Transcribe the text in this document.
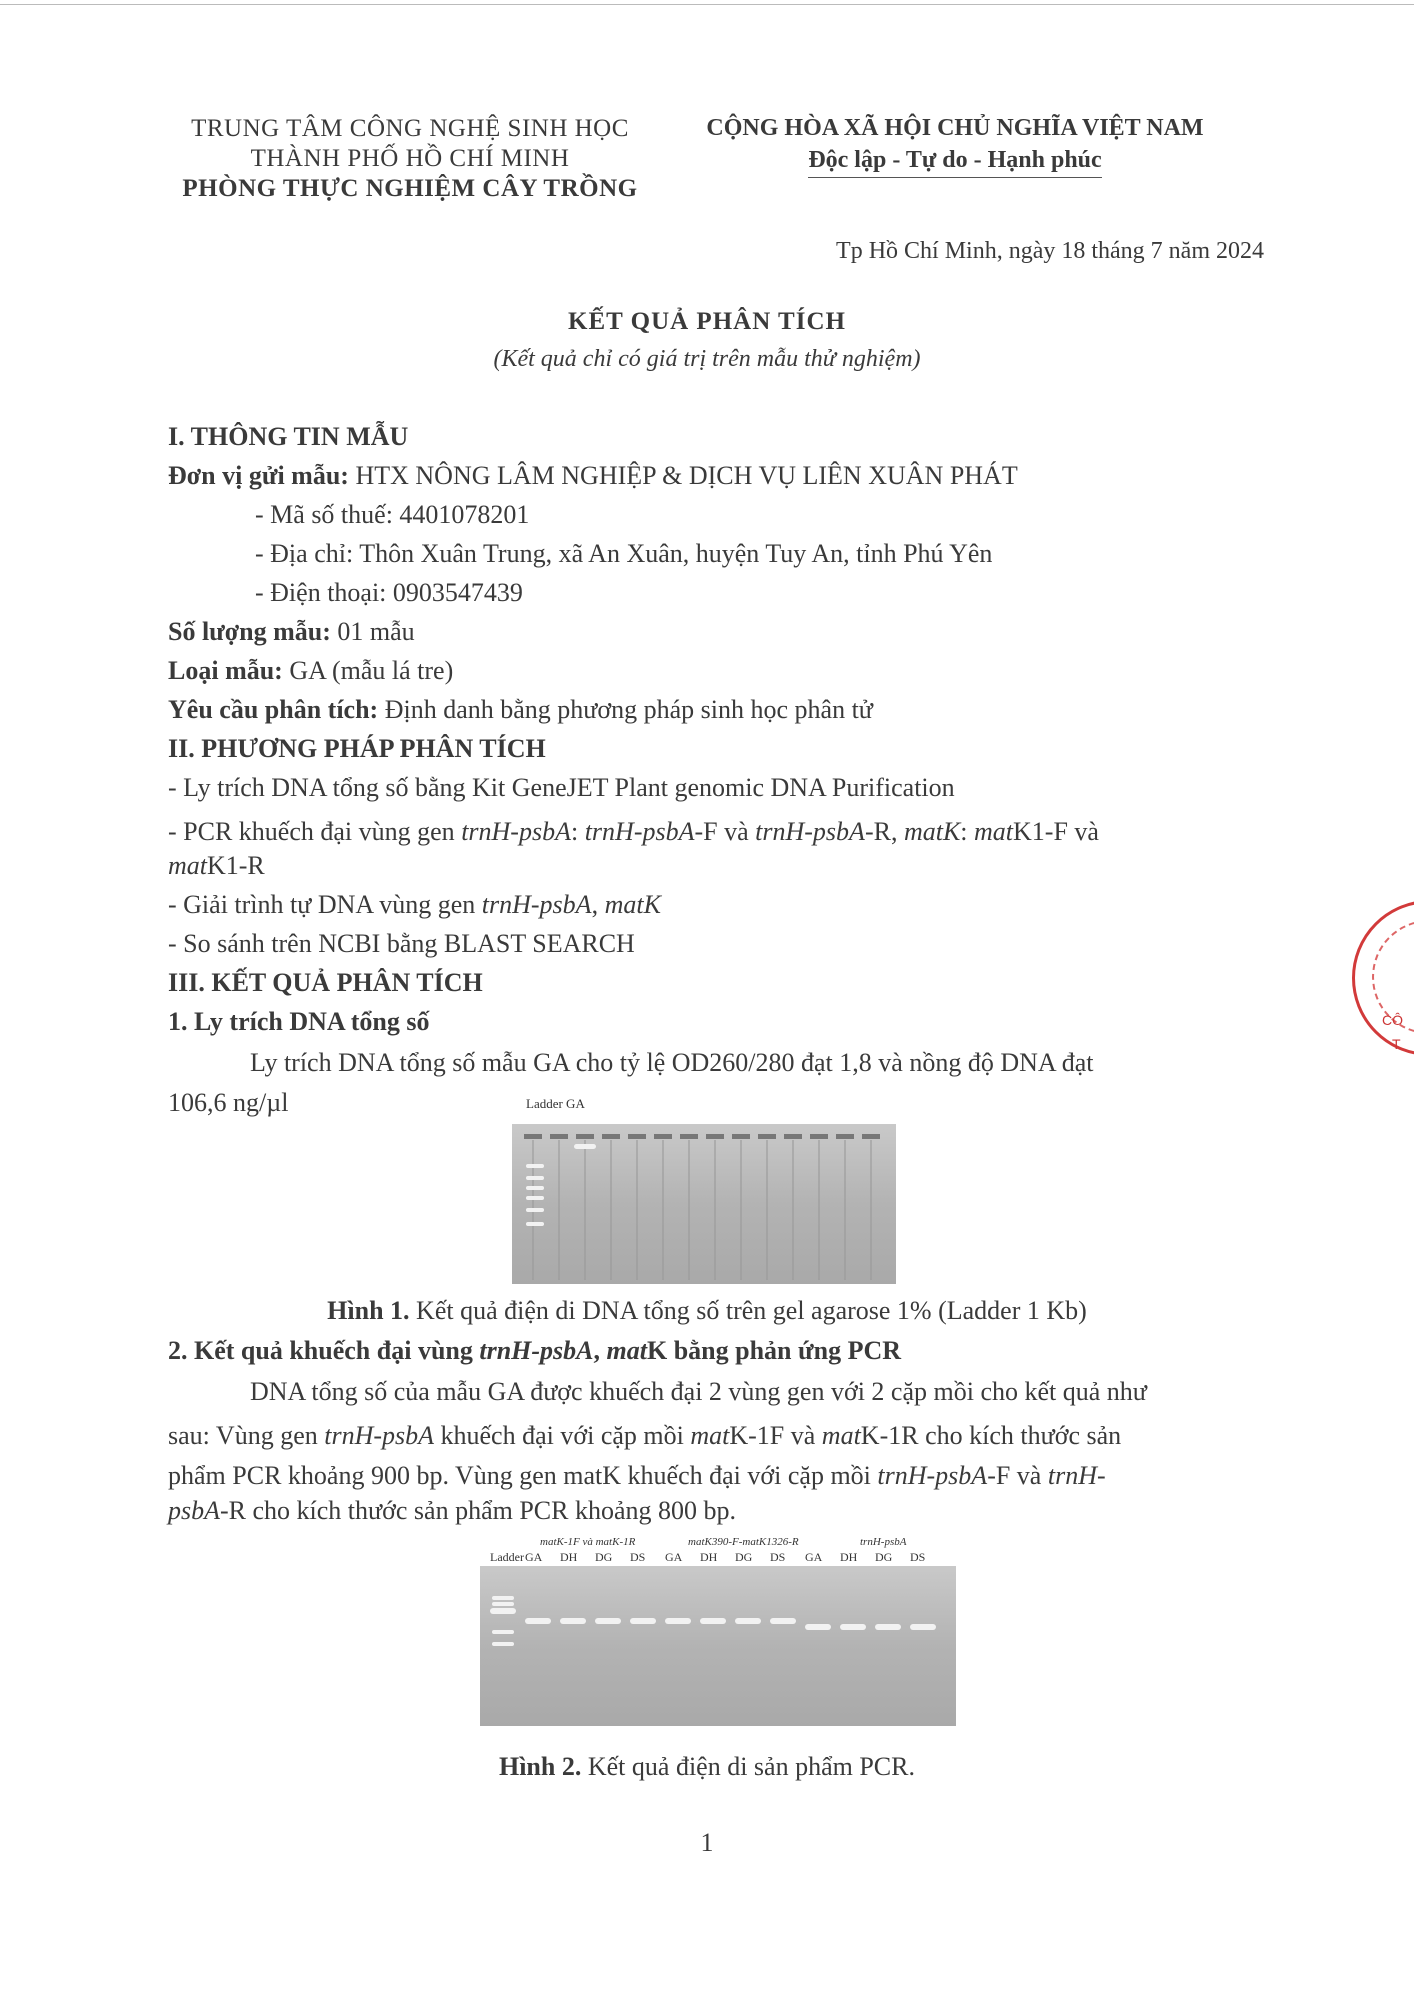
TRUNG TÂM CÔNG NGHỆ SINH HỌC
THÀNH PHỐ HỒ CHÍ MINH
PHÒNG THỰC NGHIỆM CÂY TRỒNG
CỘNG HÒA XÃ HỘI CHỦ NGHĨA VIỆT NAM
Độc lập - Tự do - Hạnh phúc
Tp Hồ Chí Minh, ngày 18 tháng 7 năm 2024
KẾT QUẢ PHÂN TÍCH
(Kết quả chỉ có giá trị trên mẫu thử nghiệm)
I. THÔNG TIN MẪU
Đơn vị gửi mẫu: HTX NÔNG LÂM NGHIỆP & DỊCH VỤ LIÊN XUÂN PHÁT
- Mã số thuế: 4401078201
- Địa chỉ: Thôn Xuân Trung, xã An Xuân, huyện Tuy An, tỉnh Phú Yên
- Điện thoại: 0903547439
Số lượng mẫu: 01 mẫu
Loại mẫu: GA (mẫu lá tre)
Yêu cầu phân tích: Định danh bằng phương pháp sinh học phân tử
II. PHƯƠNG PHÁP PHÂN TÍCH
- Ly trích DNA tổng số bằng Kit GeneJET Plant genomic DNA Purification
- PCR khuếch đại vùng gen trnH-psbA: trnH-psbA-F và trnH-psbA-R, matK: matK1-F và
matK1-R
- Giải trình tự DNA vùng gen trnH-psbA, matK
- So sánh trên NCBI bằng BLAST SEARCH
III. KẾT QUẢ PHÂN TÍCH
1. Ly trích DNA tổng số
Ly trích DNA tổng số mẫu GA cho tỷ lệ OD260/280 đạt 1,8 và nồng độ DNA đạt
106,6 ng/µl	Ladder GA
Hình 1. Kết quả điện di DNA tổng số trên gel agarose 1% (Ladder 1 Kb)
2. Kết quả khuếch đại vùng trnH-psbA, matK bằng phản ứng PCR
DNA tổng số của mẫu GA được khuếch đại 2 vùng gen với 2 cặp mồi cho kết quả như
sau: Vùng gen trnH-psbA khuếch đại với cặp mồi matK-1F và matK-1R cho kích thước sản
phẩm PCR khoảng 900 bp. Vùng gen matK khuếch đại với cặp mồi trnH-psbA-F và trnH-
psbA-R cho kích thước sản phẩm PCR khoảng 800 bp.
matK-1F và matK-1R	matK390-F-matK1326-R	trnH-psbA
Ladder GA DH DG DS GA DH DG DS GA DH DG DS
Hình 2. Kết quả điện di sản phẩm PCR.
1
CÔ
T
